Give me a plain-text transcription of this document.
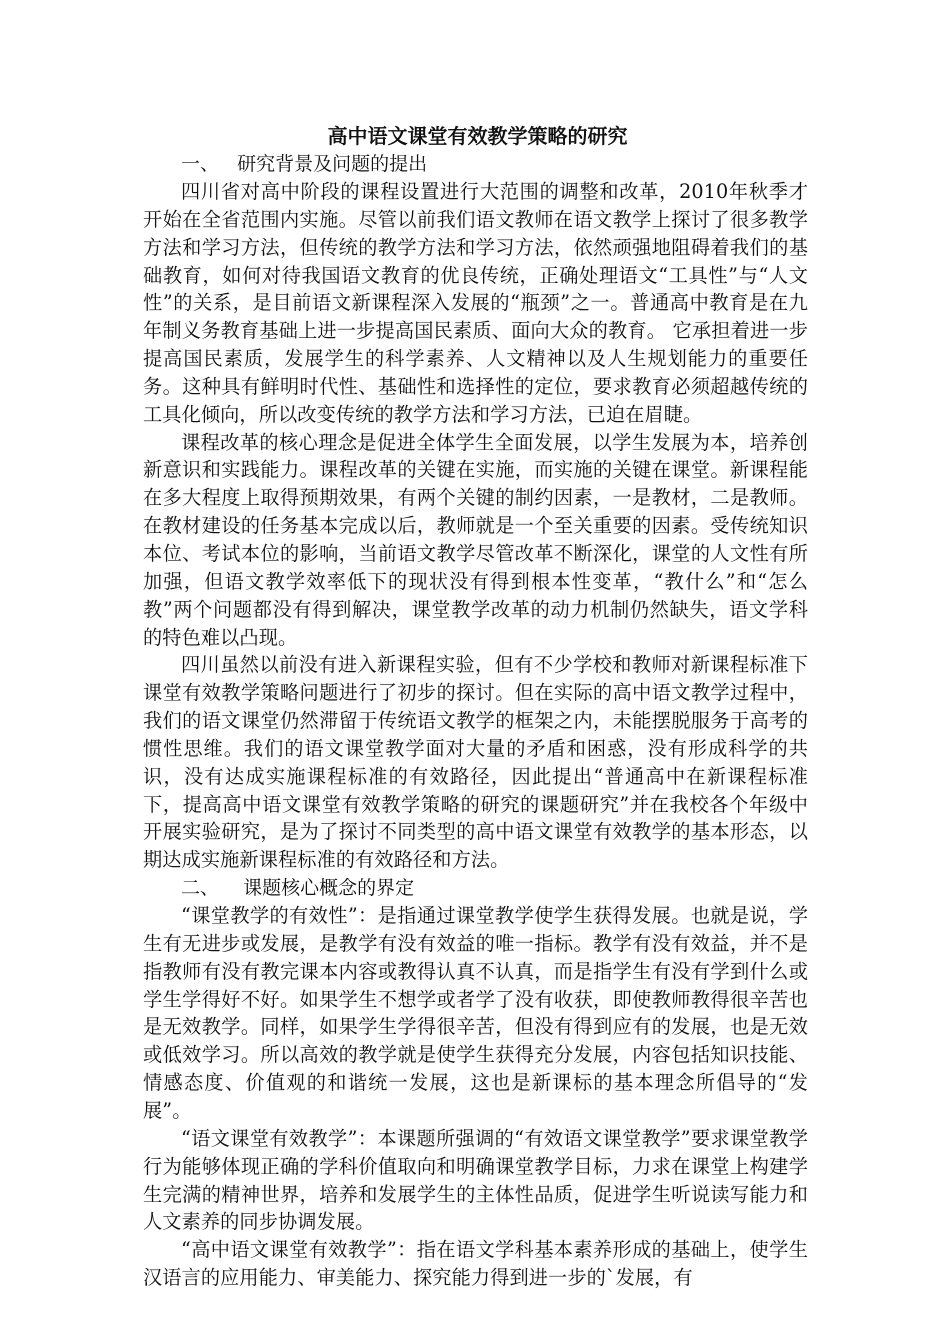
高中语文课堂有效教学策略的研究

一、   研究背景及问题的提出

四川省对高中阶段的课程设置进行大范围的调整和改革，2010年秋季才开始在全省范围内实施。尽管以前我们语文教师在语文教学上探讨了很多教学方法和学习方法，但传统的教学方法和学习方法，依然顽强地阻碍着我们的基础教育，如何对待我国语文教育的优良传统，正确处理语文“工具性”与“人文性”的关系，是目前语文新课程深入发展的“瓶颈”之一。普通高中教育是在九年制义务教育基础上进一步提高国民素质、面向大众的教育。 它承担着进一步提高国民素质，发展学生的科学素养、人文精神以及人生规划能力的重要任务。这种具有鲜明时代性、基础性和选择性的定位，要求教育必须超越传统的工具化倾向，所以改变传统的教学方法和学习方法，已迫在眉睫。

课程改革的核心理念是促进全体学生全面发展，以学生发展为本，培养创新意识和实践能力。课程改革的关键在实施，而实施的关键在课堂。新课程能在多大程度上取得预期效果，有两个关键的制约因素，一是教材，二是教师。在教材建设的任务基本完成以后，教师就是一个至关重要的因素。受传统知识本位、考试本位的影响，当前语文教学尽管改革不断深化，课堂的人文性有所加强，但语文教学效率低下的现状没有得到根本性变革，“教什么”和“怎么教”两个问题都没有得到解决，课堂教学改革的动力机制仍然缺失，语文学科的特色难以凸现。

四川虽然以前没有进入新课程实验，但有不少学校和教师对新课程标准下课堂有效教学策略问题进行了初步的探讨。但在实际的高中语文教学过程中，我们的语文课堂仍然滞留于传统语文教学的框架之内，未能摆脱服务于高考的惯性思维。我们的语文课堂教学面对大量的矛盾和困惑，没有形成科学的共识，没有达成实施课程标准的有效路径，因此提出“普通高中在新课程标准下，提高高中语文课堂有效教学策略的研究的课题研究”并在我校各个年级中开展实验研究，是为了探讨不同类型的高中语文课堂有效教学的基本形态，以期达成实施新课程标准的有效路径和方法。

二、    课题核心概念的界定

“课堂教学的有效性”：是指通过课堂教学使学生获得发展。也就是说，学生有无进步或发展，是教学有没有效益的唯一指标。教学有没有效益，并不是指教师有没有教完课本内容或教得认真不认真，而是指学生有没有学到什么或学生学得好不好。如果学生不想学或者学了没有收获，即使教师教得很辛苦也是无效教学。同样，如果学生学得很辛苦，但没有得到应有的发展，也是无效或低效学习。所以高效的教学就是使学生获得充分发展，内容包括知识技能、情感态度、价值观的和谐统一发展，这也是新课标的基本理念所倡导的“发展”。

“语文课堂有效教学”：本课题所强调的“有效语文课堂教学”要求课堂教学行为能够体现正确的学科价值取向和明确课堂教学目标，力求在课堂上构建学生完满的精神世界，培养和发展学生的主体性品质，促进学生听说读写能力和人文素养的同步协调发展。

“高中语文课堂有效教学”：指在语文学科基本素养形成的基础上，使学生汉语言的应用能力、审美能力、探究能力得到进一步的`发展，有
